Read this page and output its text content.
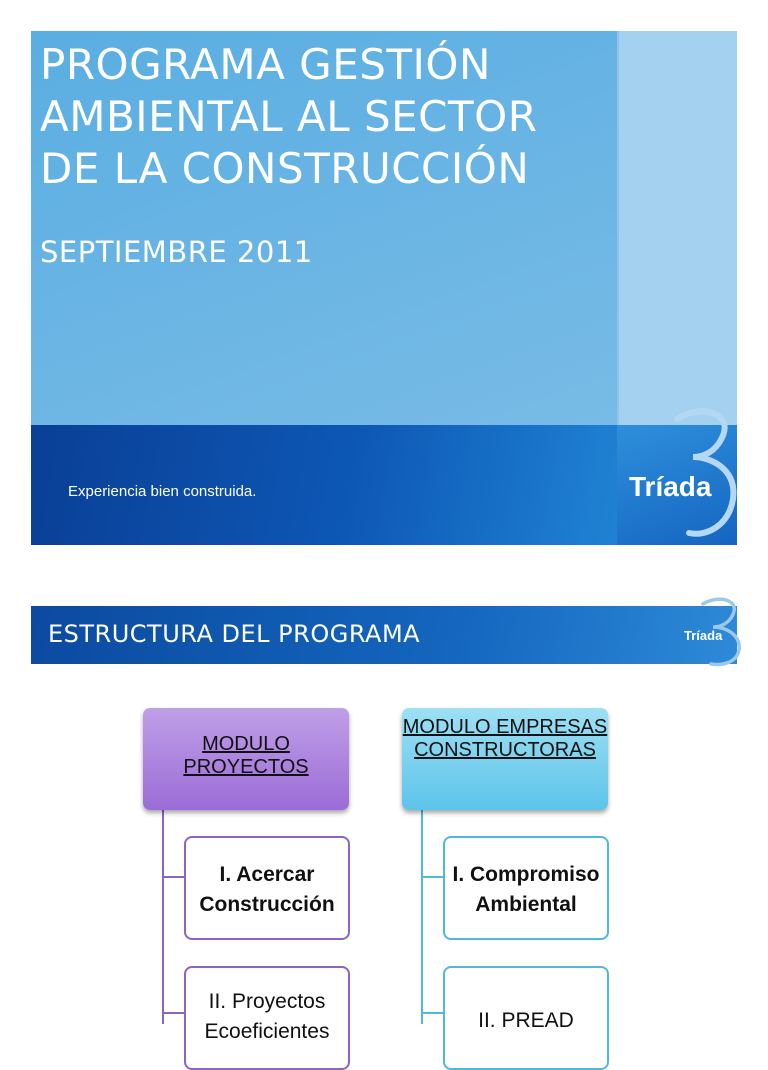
PROGRAMA GESTIÓN AMBIENTAL AL SECTOR DE LA CONSTRUCCIÓN
SEPTIEMBRE 2011
Experiencia bien construida.	Tríada
ESTRUCTURA DEL PROGRAMA	Tríada
MODULO PROYECTOS
I. Acercar Construcción
II. Proyectos Ecoeficientes
MODULO EMPRESAS CONSTRUCTORAS
I. Compromiso Ambiental
II. PREAD
